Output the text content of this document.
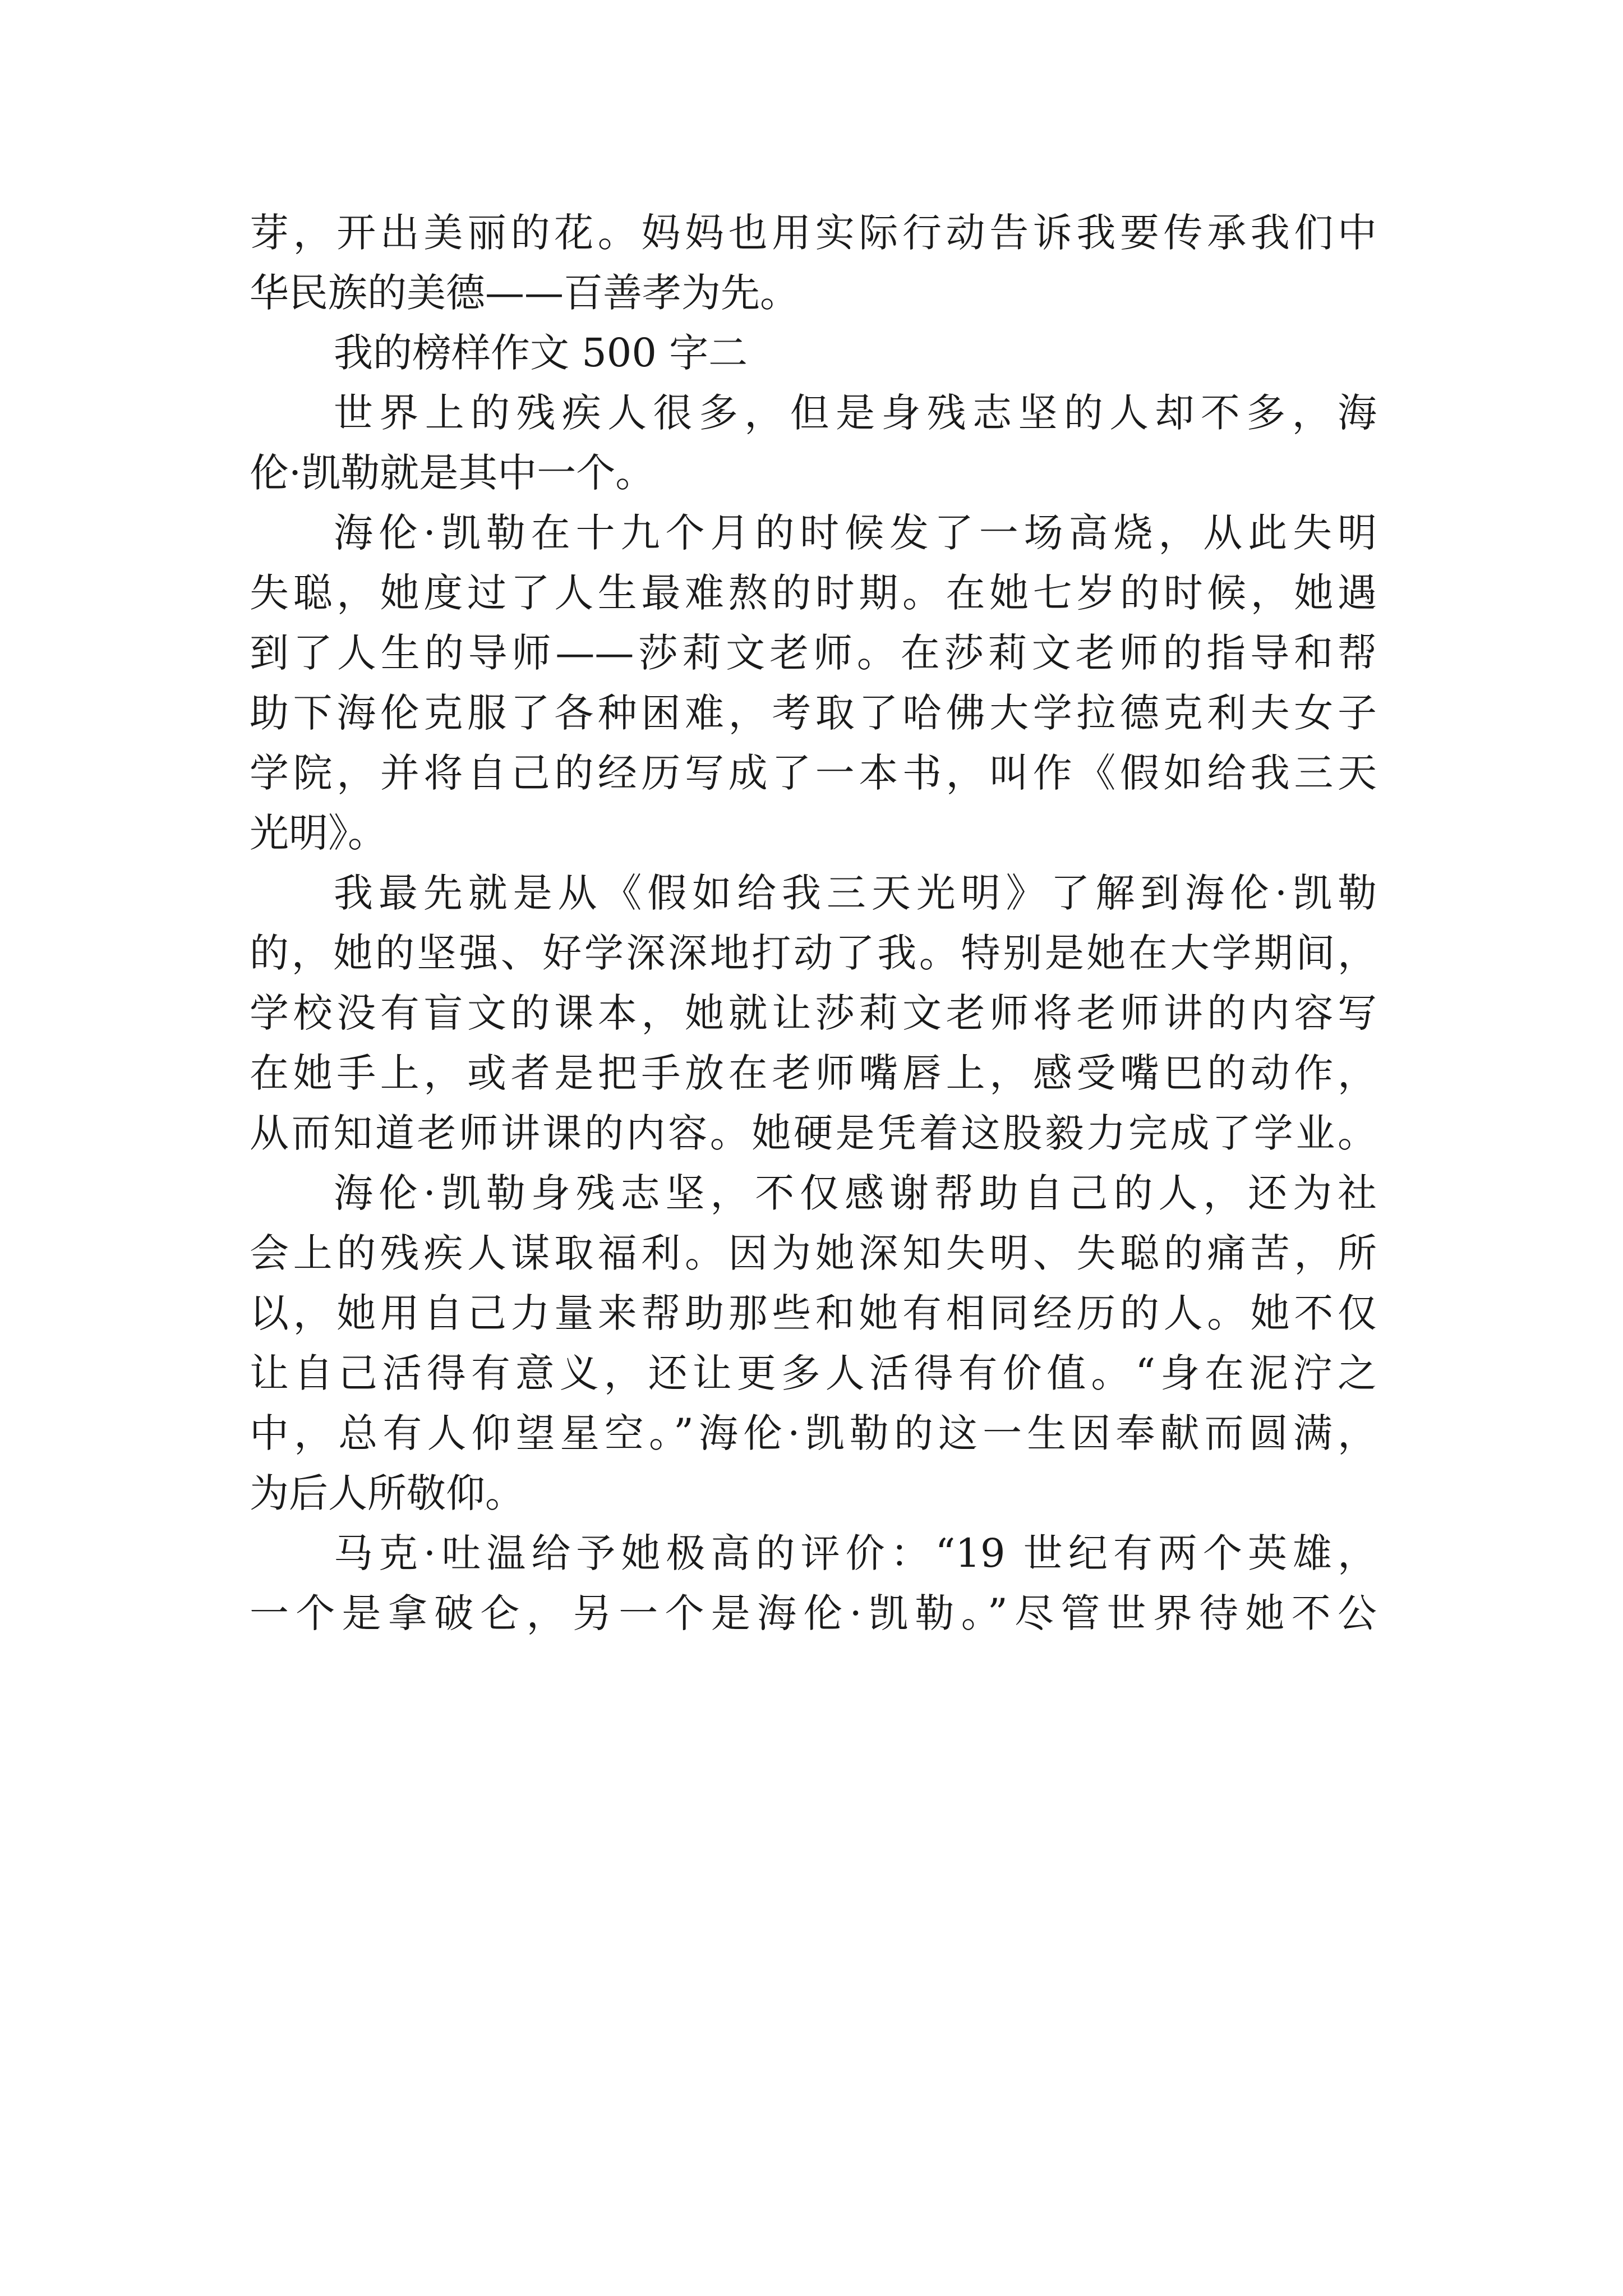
芽，开出美丽的花。妈妈也用实际行动告诉我要传承我们中
华民族的美德——百善孝为先。
我的榜样作文 500 字二
世界上的残疾人很多，但是身残志坚的人却不多，海
伦·凯勒就是其中一个。
海伦·凯勒在十九个月的时候发了一场高烧，从此失明
失聪，她度过了人生最难熬的时期。在她七岁的时候，她遇
到了人生的导师——莎莉文老师。在莎莉文老师的指导和帮
助下海伦克服了各种困难，考取了哈佛大学拉德克利夫女子
学院，并将自己的经历写成了一本书，叫作《假如给我三天
光明》。
我最先就是从《假如给我三天光明》了解到海伦·凯勒
的，她的坚强、好学深深地打动了我。特别是她在大学期间，
学校没有盲文的课本，她就让莎莉文老师将老师讲的内容写
在她手上，或者是把手放在老师嘴唇上，感受嘴巴的动作，
从而知道老师讲课的内容。她硬是凭着这股毅力完成了学业。
海伦·凯勒身残志坚，不仅感谢帮助自己的人，还为社
会上的残疾人谋取福利。因为她深知失明、失聪的痛苦，所
以，她用自己力量来帮助那些和她有相同经历的人。她不仅
让自己活得有意义，还让更多人活得有价值。“身在泥泞之
中，总有人仰望星空。”海伦·凯勒的这一生因奉献而圆满，
为后人所敬仰。
马克·吐温给予她极高的评价：“19 世纪有两个英雄，
一个是拿破仑，另一个是海伦·凯勒。”尽管世界待她不公
